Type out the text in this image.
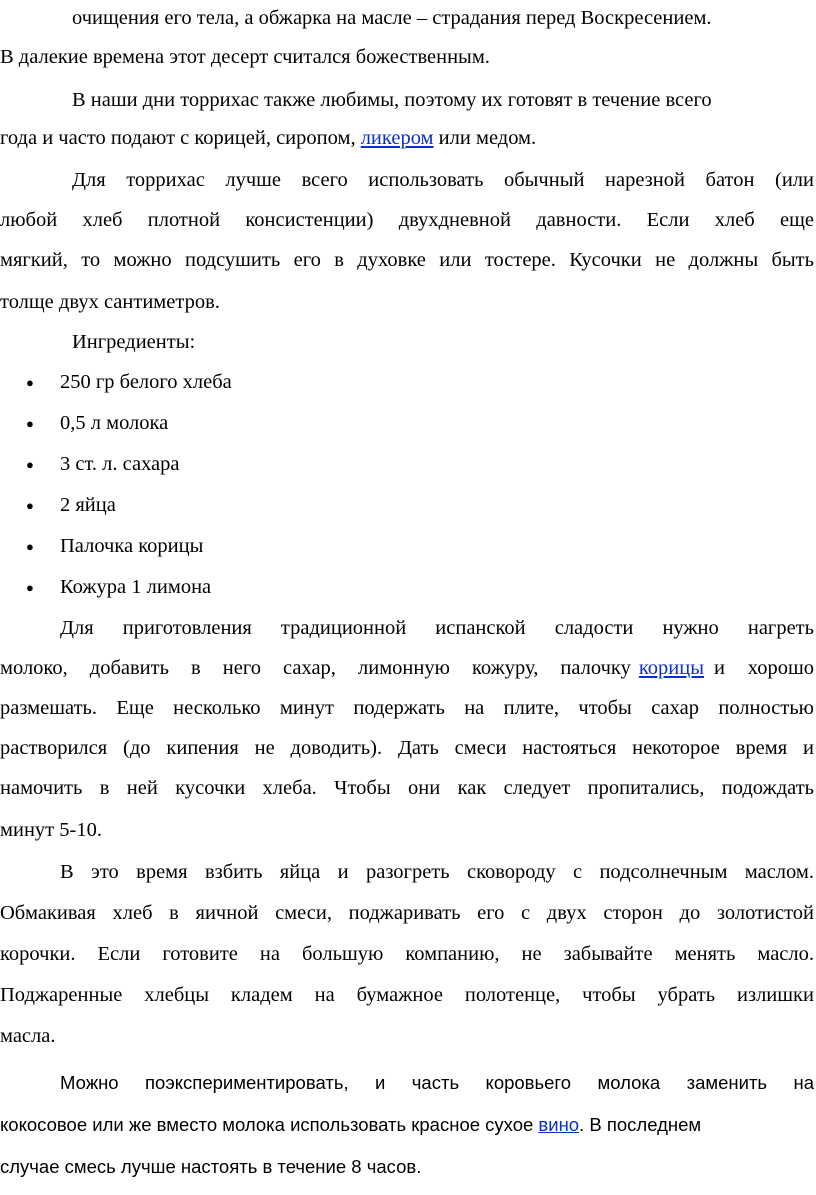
очищения его тела, а обжарка на масле – страдания перед Воскресением.
В далекие времена этот десерт считался божественным.
В наши дни торрихас также любимы, поэтому их готовят в течение всего
года и часто подают с корицей, сиропом, ликером или медом.
Для торрихас лучше всего использовать обычный нарезной батон (или
любой хлеб плотной консистенции) двухдневной давности. Если хлеб еще
мягкий, то можно подсушить его в духовке или тостере. Кусочки не должны быть
толще двух сантиметров.
Ингредиенты:
● 250 гр белого хлеба
● 0,5 л молока
● 3 ст. л. сахара
● 2 яйца
● Палочка корицы
● Кожура 1 лимона
Для приготовления традиционной испанской сладости нужно нагреть
молоко, добавить в него сахар, лимонную кожуру, палочку корицы и хорошо
размешать. Еще несколько минут подержать на плите, чтобы сахар полностью
растворился (до кипения не доводить). Дать смеси настояться некоторое время и
намочить в ней кусочки хлеба. Чтобы они как следует пропитались, подождать
минут 5-10.
В это время взбить яйца и разогреть сковороду с подсолнечным маслом.
Обмакивая хлеб в яичной смеси, поджаривать его с двух сторон до золотистой
корочки. Если готовите на большую компанию, не забывайте менять масло.
Поджаренные хлебцы кладем на бумажное полотенце, чтобы убрать излишки
масла.
Можно поэкспериментировать, и часть коровьего молока заменить на
кокосовое или же вместо молока использовать красное сухое вино. В последнем
случае смесь лучше настоять в течение 8 часов.
